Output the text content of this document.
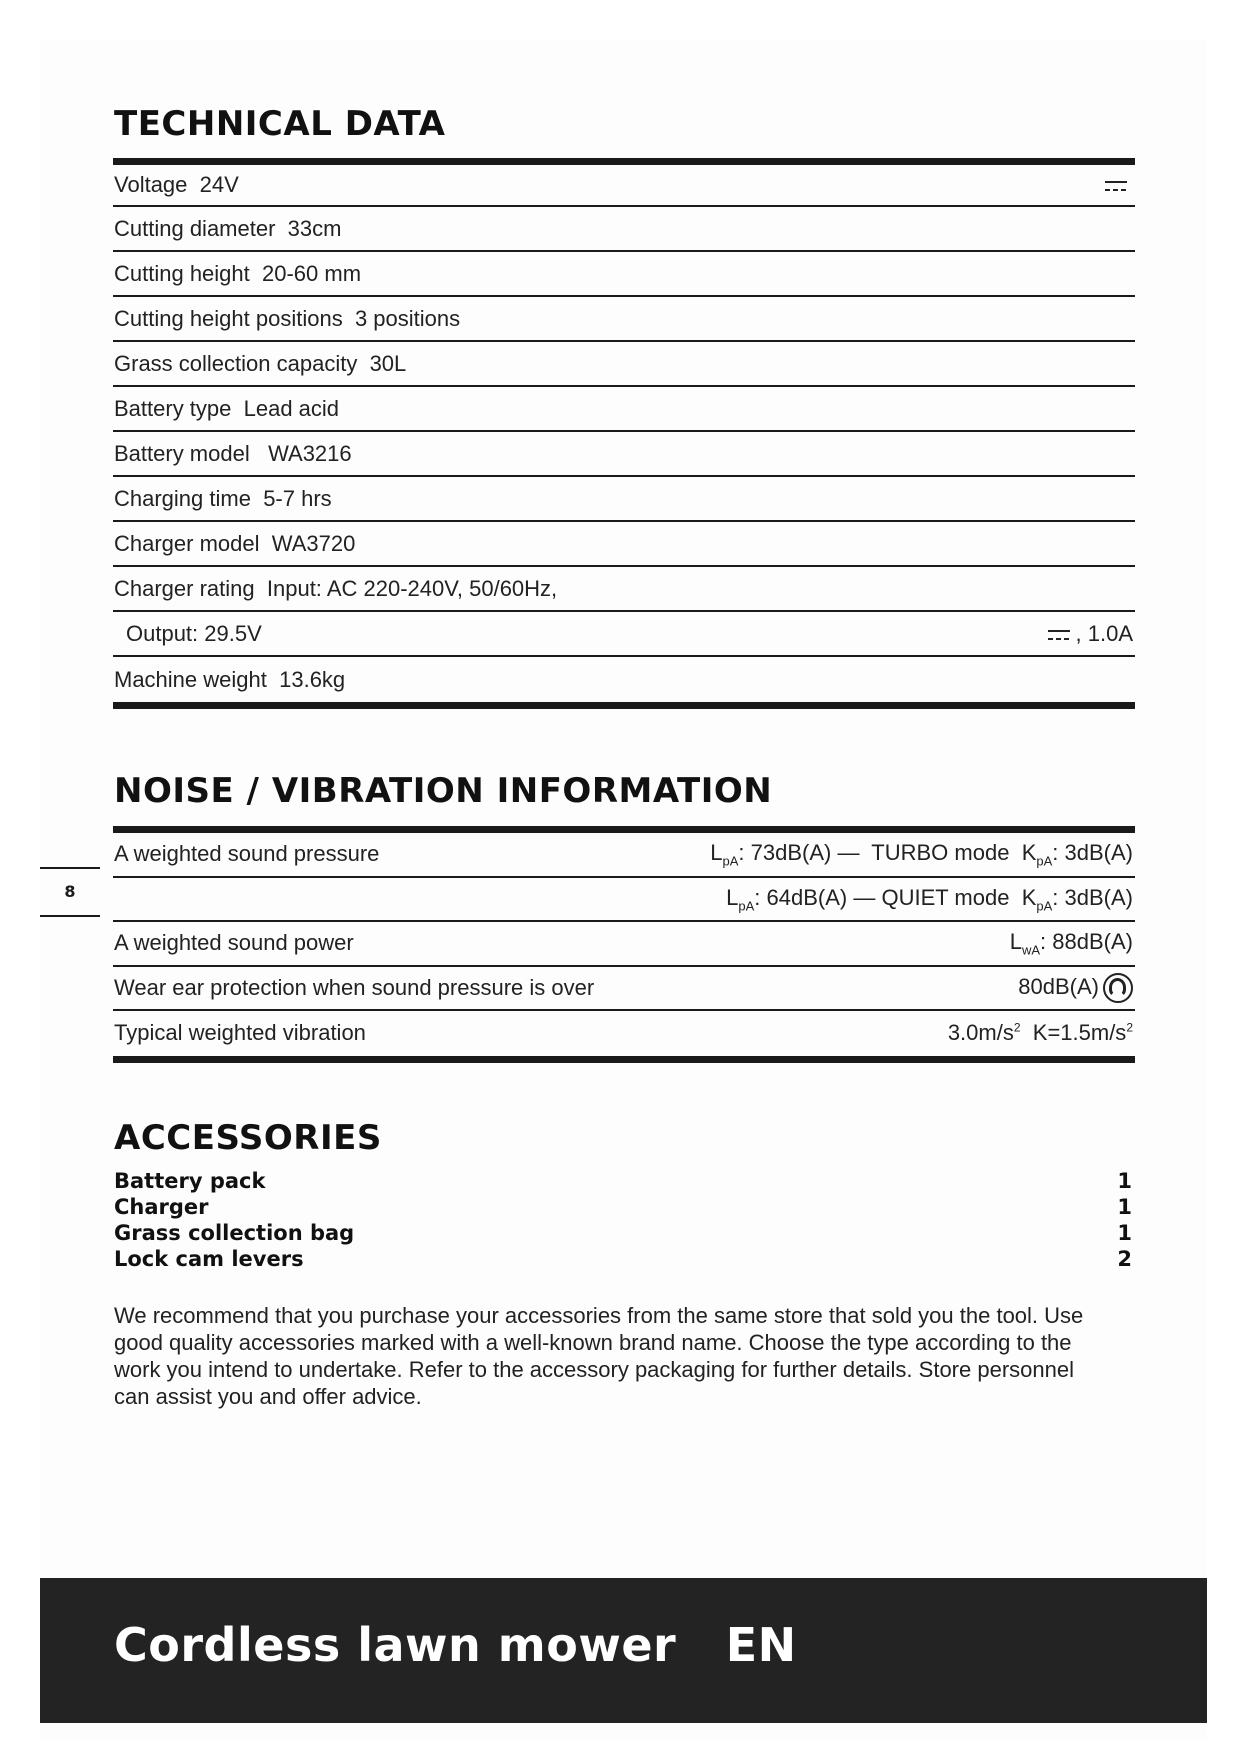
TECHNICAL DATA
Voltage 24V
Cutting diameter 33cm
Cutting height 20-60 mm
Cutting height positions 3 positions
Grass collection capacity 30L
Battery type Lead acid
Battery model WA3216
Charging time 5-7 hrs
Charger model WA3720
Charger rating Input: AC 220-240V, 50/60Hz,
Output: 29.5V	, 1.0A
Machine weight 13.6kg
NOISE / VIBRATION INFORMATION
A weighted sound pressure	$L_{pA}$: 73dB(A) — TURBO mode $K_{pA}$: 3dB(A)
$L_{pA}$: 64dB(A) — QUIET mode $K_{pA}$: 3dB(A)
A weighted sound power	$L_{wA}$: 88dB(A)
Wear ear protection when sound pressure is over	80dB(A)
Typical weighted vibration	$3.0m/s^2$ $K=1.5m/s^2$
8
ACCESSORIES
Battery pack	1
Charger	1
Grass collection bag	1
Lock cam levers	2

We recommend that you purchase your accessories from the same store that sold you the tool. Use good quality accessories marked with a well-known brand name. Choose the type according to the work you intend to undertake. Refer to the accessory packaging for further details. Store personnel can assist you and offer advice.

Cordless lawn mower EN
